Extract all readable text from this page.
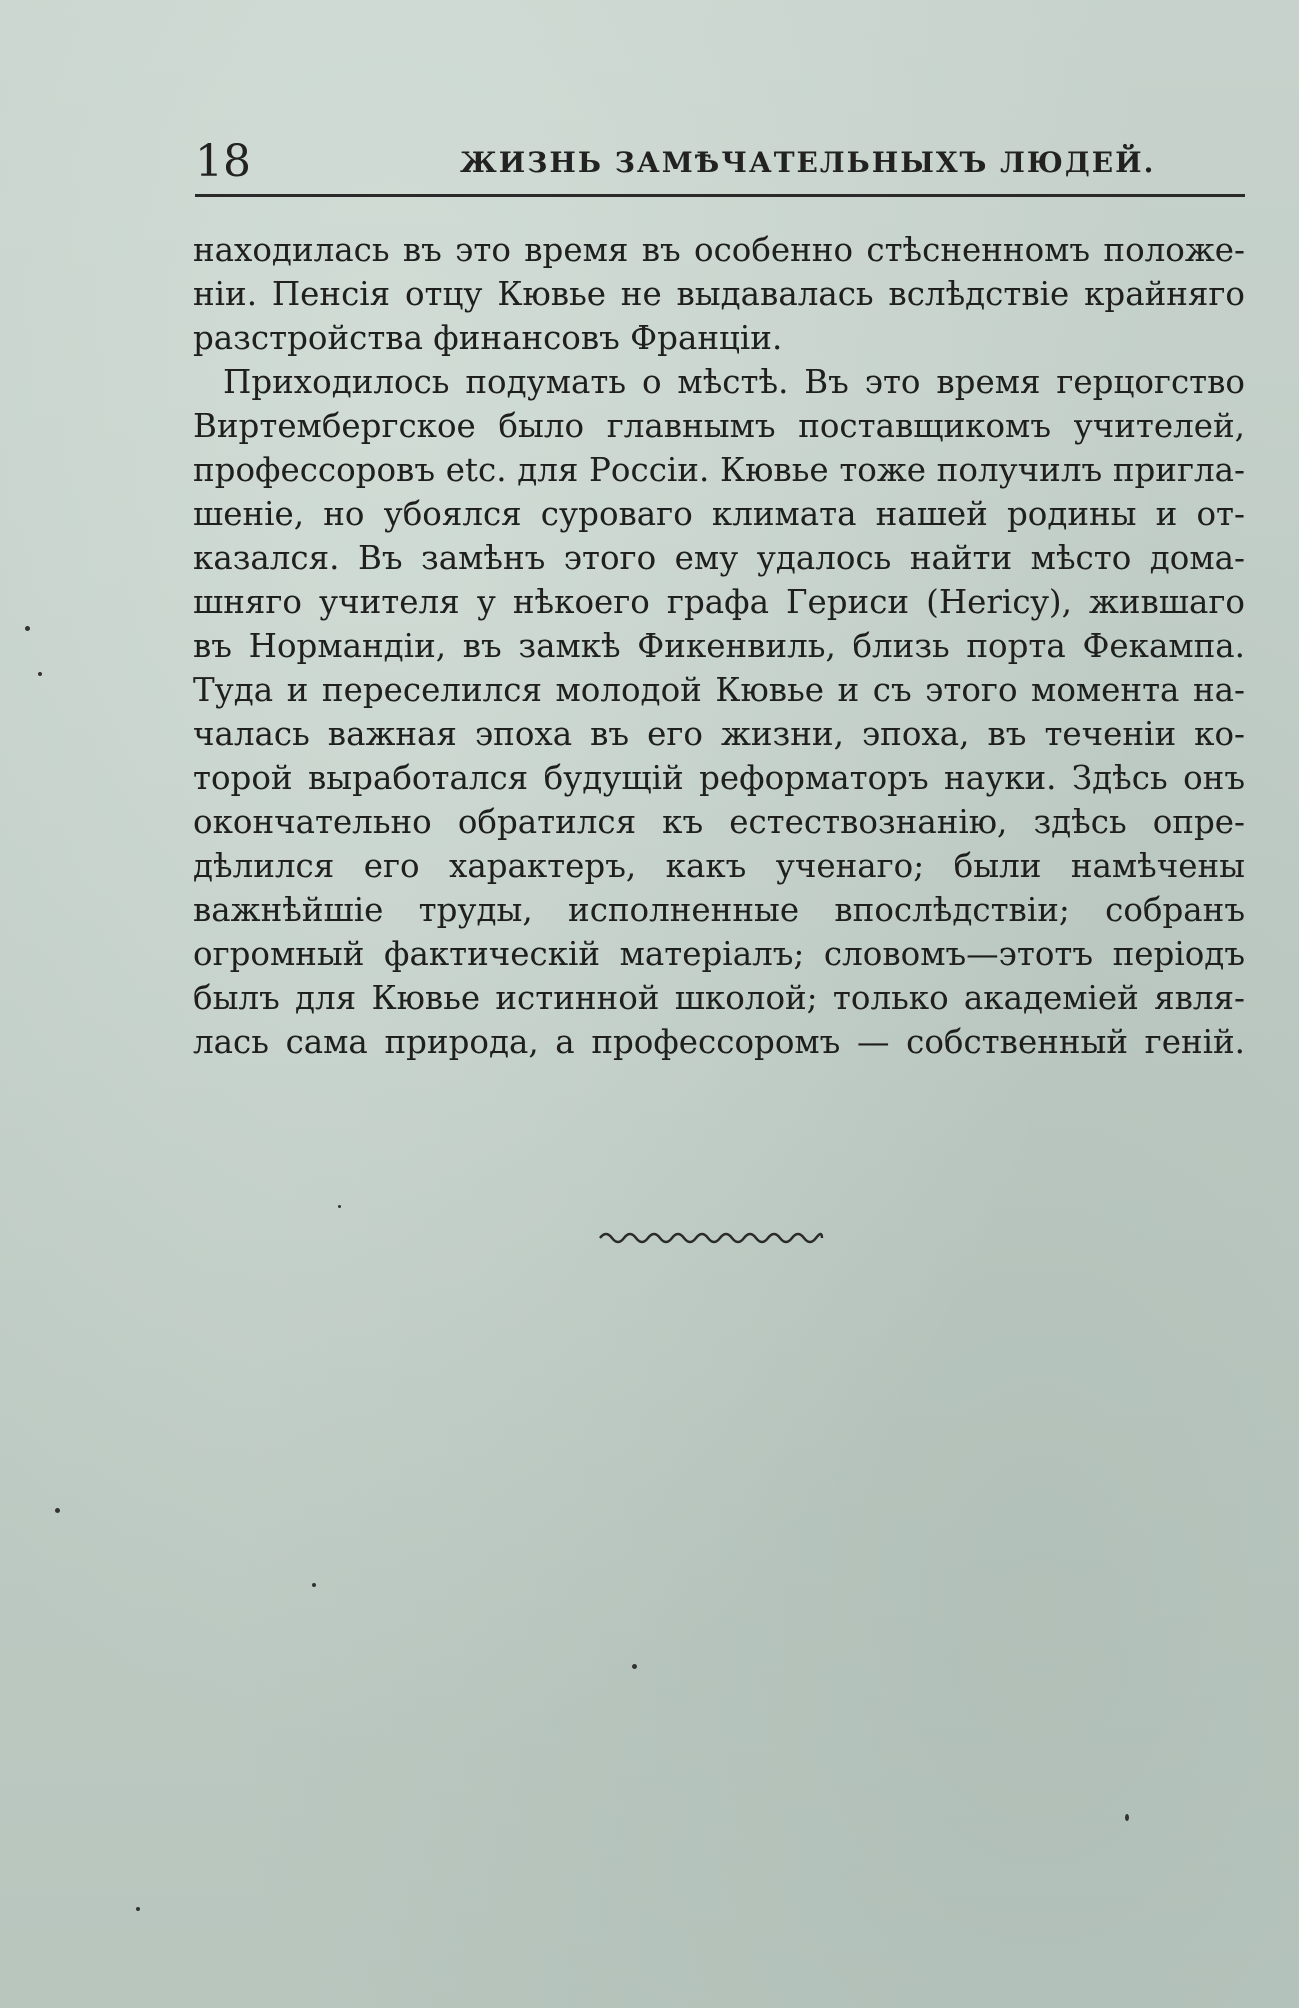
18	ЖИЗНЬ ЗАМѢЧАТЕЛЬНЫХЪ ЛЮДЕЙ.
находилась въ это время въ особенно стѣсненномъ положе-
ніи. Пенсія отцу Кювье не выдавалась вслѣдствіе крайняго
разстройства финансовъ Франціи.
Приходилось подумать о мѣстѣ. Въ это время герцогство
Виртембергское было главнымъ поставщикомъ учителей,
профессоровъ etc. для Россіи. Кювье тоже получилъ пригла-
шеніе, но убоялся суроваго климата нашей родины и от-
казался. Въ замѣнъ этого ему удалось найти мѣсто дома-
шняго учителя у нѣкоего графа Гериси (Hericy), жившаго
въ Нормандіи, въ замкѣ Фикенвиль, близь порта Фекампа.
Туда и переселился молодой Кювье и съ этого момента на-
чалась важная эпоха въ его жизни, эпоха, въ теченіи ко-
торой выработался будущій реформаторъ науки. Здѣсь онъ
окончательно обратился къ естествознанію, здѣсь опре-
дѣлился его характеръ, какъ ученаго; были намѣчены
важнѣйшіе труды, исполненные впослѣдствіи; собранъ
огромный фактическій матеріалъ; словомъ—этотъ періодъ
былъ для Кювье истинной школой; только академіей явля-
лась сама природа, а профессоромъ — собственный геній.
